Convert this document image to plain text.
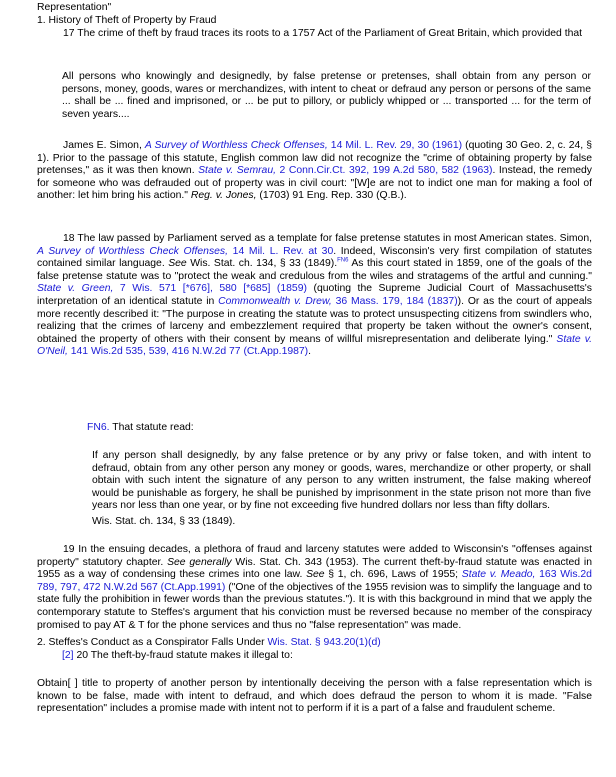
Representation"

1. History of Theft of Property by Fraud

17 The crime of theft by fraud traces its roots to a 1757 Act of the Parliament of Great Britain, which provided that

All persons who knowingly and designedly, by false pretense or pretenses, shall obtain from any person or persons, money, goods, wares or merchandizes, with intent to cheat or defraud any person or persons of the same ... shall be ... fined and imprisoned, or ... be put to pillory, or publicly whipped or ... transported ... for the term of seven years....

James E. Simon, A Survey of Worthless Check Offenses, 14 Mil. L. Rev. 29, 30 (1961) (quoting 30 Geo. 2, c. 24, § 1). Prior to the passage of this statute, English common law did not recognize the "crime of obtaining property by false pretenses," as it was then known. State v. Semrau, 2 Conn.Cir.Ct. 392, 199 A.2d 580, 582 (1963). Instead, the remedy for someone who was defrauded out of property was in civil court: "[W]e are not to indict one man for making a fool of another: let him bring his action." Reg. v. Jones, (1703) 91 Eng. Rep. 330 (Q.B.).

18 The law passed by Parliament served as a template for false pretense statutes in most American states. Simon, A Survey of Worthless Check Offenses, 14 Mil. L. Rev. at 30. Indeed, Wisconsin's very first compilation of statutes contained similar language. See Wis. Stat. ch. 134, § 33 (1849).$^{FN6}$ As this court stated in 1859, one of the goals of the false pretense statute was to "protect the weak and credulous from the wiles and stratagems of the artful and cunning." State v. Green, 7 Wis. 571 [*676], 580 [*685] (1859) (quoting the Supreme Judicial Court of Massachusetts's interpretation of an identical statute in Commonwealth v. Drew, 36 Mass. 179, 184 (1837)). Or as the court of appeals more recently described it: "The purpose in creating the statute was to protect unsuspecting citizens from swindlers who, realizing that the crimes of larceny and embezzlement required that property be taken without the owner's consent, obtained the property of others with their consent by means of willful misrepresentation and deliberate lying." State v. O'Neil, 141 Wis.2d 535, 539, 416 N.W.2d 77 (Ct.App.1987).

FN6. That statute read:

If any person shall designedly, by any false pretence or by any privy or false token, and with intent to defraud, obtain from any other person any money or goods, wares, merchandize or other property, or shall obtain with such intent the signature of any person to any written instrument, the false making whereof would be punishable as forgery, he shall be punished by imprisonment in the state prison not more than five years nor less than one year, or by fine not exceeding five hundred dollars nor less than fifty dollars.

Wis. Stat. ch. 134, § 33 (1849).

19 In the ensuing decades, a plethora of fraud and larceny statutes were added to Wisconsin's "offenses against property" statutory chapter. See generally Wis. Stat. Ch. 343 (1953). The current theft-by-fraud statute was enacted in 1955 as a way of condensing these crimes into one law. See § 1, ch. 696, Laws of 1955; State v. Meado, 163 Wis.2d 789, 797, 472 N.W.2d 567 (Ct.App.1991) ("One of the objectives of the 1955 revision was to simplify the language and to state fully the prohibition in fewer words than the previous statutes."). It is with this background in mind that we apply the contemporary statute to Steffes's argument that his conviction must be reversed because no member of the conspiracy promised to pay AT & T for the phone services and thus no "false representation" was made.

2. Steffes's Conduct as a Conspirator Falls Under Wis. Stat. § 943.20(1)(d)

[2] 20 The theft-by-fraud statute makes it illegal to:

Obtain[ ] title to property of another person by intentionally deceiving the person with a false representation which is known to be false, made with intent to defraud, and which does defraud the person to whom it is made. "False representation" includes a promise made with intent not to perform if it is a part of a false and fraudulent scheme.
